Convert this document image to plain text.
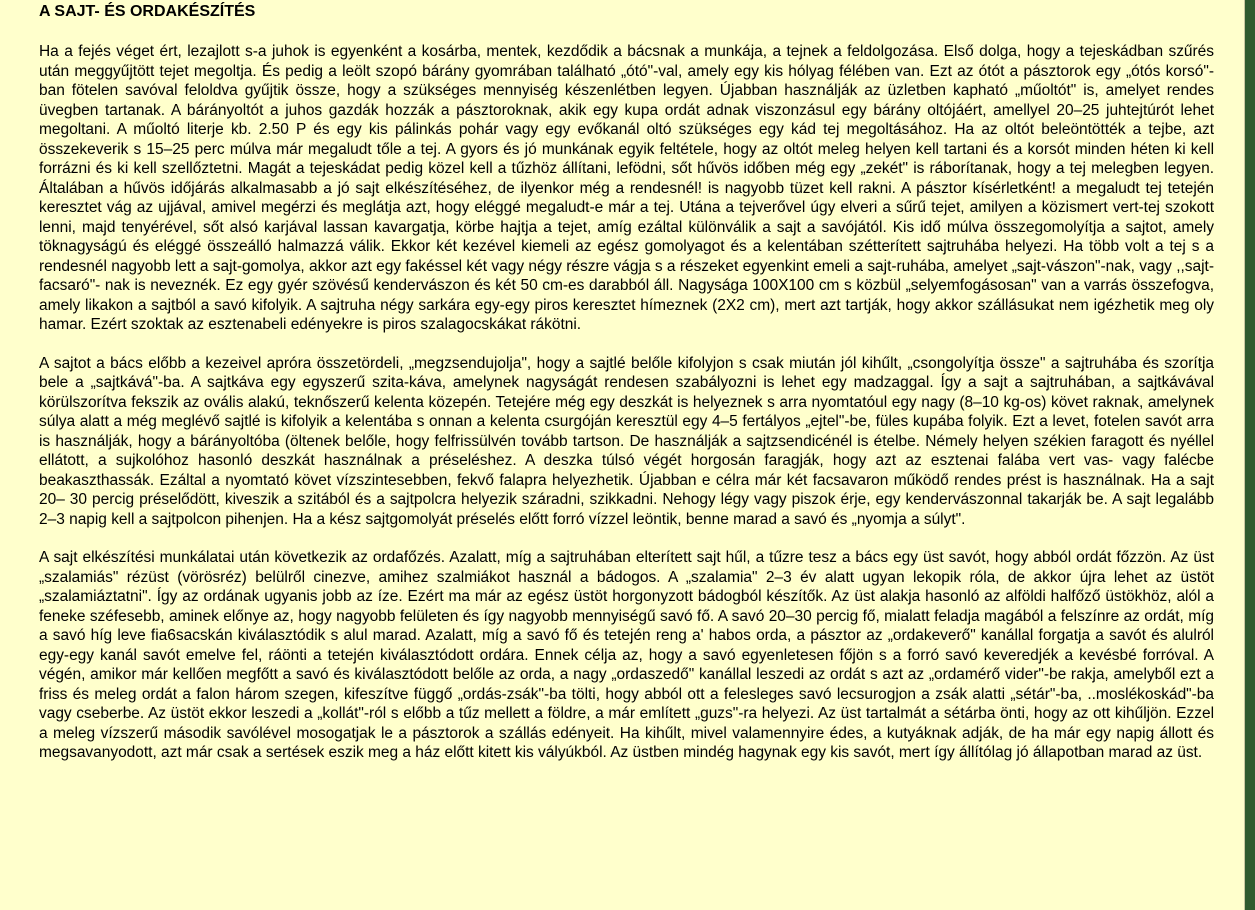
A SAJT- ÉS ORDAKÉSZÍTÉS

Ha a fejés véget ért, lezajlott s-a juhok is egyenként a kosárba, mentek, kezdődik a bácsnak a munkája, a tejnek a feldolgozása. Első dolga, hogy a tejeskádban szűrés után meggyűjtött tejet megoltja. És pedig a leölt szopó bárány gyomrában található „ótó"-val, amely egy kis hólyag félében van. Ezt az ótót a pásztorok egy „ótós korsó"-ban fötelen savóval feloldva gyűjtik össze, hogy a szükséges mennyiség készenlétben legyen. Újabban használják az üzletben kapható „műoltót" is, amelyet rendes üvegben tartanak. A bárányoltót a juhos gazdák hozzák a pásztoroknak, akik egy kupa ordát adnak viszonzásul egy bárány oltójáért, amellyel 20–25 juhtejtúrót lehet megoltani. A műoltó literje kb. 2.50 P és egy kis pálinkás pohár vagy egy evőkanál oltó szükséges egy kád tej megoltásához. Ha az oltót beleöntötték a tejbe, azt összekeverik s 15–25 perc múlva már megaludt tőle a tej. A gyors és jó munkának egyik feltétele, hogy az oltót meleg helyen kell tartani és a korsót minden héten ki kell forrázni és ki kell szellőztetni. Magát a tejeskádat pedig közel kell a tűzhöz állítani, lefödni, sőt hűvös időben még egy „zekét" is ráborítanak, hogy a tej melegben legyen. Általában a hűvös időjárás alkalmasabb a jó sajt elkészítéséhez, de ilyenkor még a rendesnél! is nagyobb tüzet kell rakni. A pásztor kísérletként! a megaludt tej tetején keresztet vág az ujjával, amivel megérzi és meglátja azt, hogy eléggé megaludt-e már a tej. Utána a tejverővel úgy elveri a sűrű tejet, amilyen a közismert vert-tej szokott lenni, majd tenyérével, sőt alsó karjával lassan kavargatja, körbe hajtja a tejet, amíg ezáltal különválik a sajt a savójától. Kis idő múlva összegomolyítja a sajtot, amely töknagyságú és eléggé összeálló halmazzá válik. Ekkor két kezével kiemeli az egész gomolyagot és a kelentában szétterített sajtruhába helyezi. Ha több volt a tej s a rendesnél nagyobb lett a sajt-gomolya, akkor azt egy fakéssel két vagy négy részre vágja s a részeket egyenkint emeli a sajt-ruhába, amelyet „sajt-vászon"-nak, vagy ,,sajt-facsaró"- nak is neveznék. Ez egy gyér szövésű kendervászon és két 50 cm-es darabból áll. Nagysága 100X100 cm s közbül „selyemfogásosan" van a varrás összefogva, amely likakon a sajtból a savó kifolyik. A sajtruha négy sarkára egy-egy piros keresztet hímeznek (2X2 cm), mert azt tartják, hogy akkor szállásukat nem igézhetik meg oly hamar. Ezért szoktak az esztenabeli edényekre is piros szalagocskákat rákötni.

A sajtot a bács előbb a kezeivel apróra összetördeli, „megzsendujolja", hogy a sajtlé belőle kifolyjon s csak miután jól kihűlt, „csongolyítja össze" a sajtruhába és szorítja bele a „sajtkává"-ba. A sajtkáva egy egyszerű szita-káva, amelynek nagyságát rendesen szabályozni is lehet egy madzaggal. Így a sajt a sajtruhában, a sajtkávával körülszorítva fekszik az ovális alakú, teknőszerű kelenta közepén. Tetejére még egy deszkát is helyeznek s arra nyomtatóul egy nagy (8–10 kg-os) követ raknak, amelynek súlya alatt a még meglévő sajtlé is kifolyik a kelentába s onnan a kelenta csurgóján keresztül egy 4–5 fertályos „ejtel"-be, füles kupába folyik. Ezt a levet, fotelen savót arra is használják, hogy a bárányoltóba (öltenek belőle, hogy felfrissülvén tovább tartson. De használják a sajtzsendicénél is ételbe. Némely helyen székien faragott és nyéllel ellátott, a sujkolóhoz hasonló deszkát használnak a préseléshez. A deszka túlsó végét horgosán faragják, hogy azt az esztenai falába vert vas- vagy falécbe beakaszthassák. Ezáltal a nyomtató követ vízszintesebben, fekvő falapra helyezhetik. Újabban e célra már két facsavaron működő rendes prést is használnak. Ha a sajt 20– 30 percig préselődött, kiveszik a szitából és a sajtpolcra helyezik száradni, szikkadni. Nehogy légy vagy piszok érje, egy kendervászonnal takarják be. A sajt legalább 2–3 napig kell a sajtpolcon pihenjen. Ha a kész sajtgomolyát préselés előtt forró vízzel leöntik, benne marad a savó és „nyomja a súlyt".

A sajt elkészítési munkálatai után következik az ordafőzés. Azalatt, míg a sajtruhában elterített sajt hűl, a tűzre tesz a bács egy üst savót, hogy abból ordát főzzön. Az üst „szalamiás" rézüst (vörösréz) belülről cinezve, amihez szalmiákot használ a bádogos. A „szalamia" 2–3 év alatt ugyan lekopik róla, de akkor újra lehet az üstöt „szalamiáztatni". Így az ordának ugyanis jobb az íze. Ezért ma már az egész üstöt horgonyzott bádogból készítők. Az üst alakja hasonló az alföldi halfőző üstökhöz, alól a feneke széfesebb, aminek előnye az, hogy nagyobb felületen és így nagyobb mennyiségű savó fő. A savó 20–30 percig fő, mialatt feladja magából a felszínre az ordát, míg a savó híg leve fia6sacskán kiválasztódik s alul marad. Azalatt, míg a savó fő és tetején reng a' habos orda, a pásztor az „ordakeverő" kanállal forgatja a savót és alulról egy-egy kanál savót emelve fel, ráönti a tetején kiválasztódott ordára. Ennek célja az, hogy a savó egyenletesen főjön s a forró savó keveredjék a kevésbé forróval. A végén, amikor már kellően megfőtt a savó és kiválasztódott belőle az orda, a nagy „ordaszedő" kanállal leszedi az ordát s azt az „ordamérő vider"-be rakja, amelyből ezt a friss és meleg ordát a falon három szegen, kifeszítve függő „ordás-zsák"-ba tölti, hogy abból ott a felesleges savó lecsurogjon a zsák alatti „sétár"-ba, ..moslékoskád"-ba vagy cseberbe. Az üstöt ekkor leszedi a „kollát"-ról s előbb a tűz mellett a földre, a már említett „guzs"-ra helyezi. Az üst tartalmát a sétárba önti, hogy az ott kihűljön. Ezzel a meleg vízszerű második savólével mosogatjak le a pásztorok a szállás edényeit. Ha kihűlt, mivel valamennyire édes, a kutyáknak adják, de ha már egy napig állott és megsavanyodott, azt már csak a sertések eszik meg a ház előtt kitett kis vályúkból. Az üstben mindég hagynak egy kis savót, mert így állítólag jó állapotban marad az üst.
